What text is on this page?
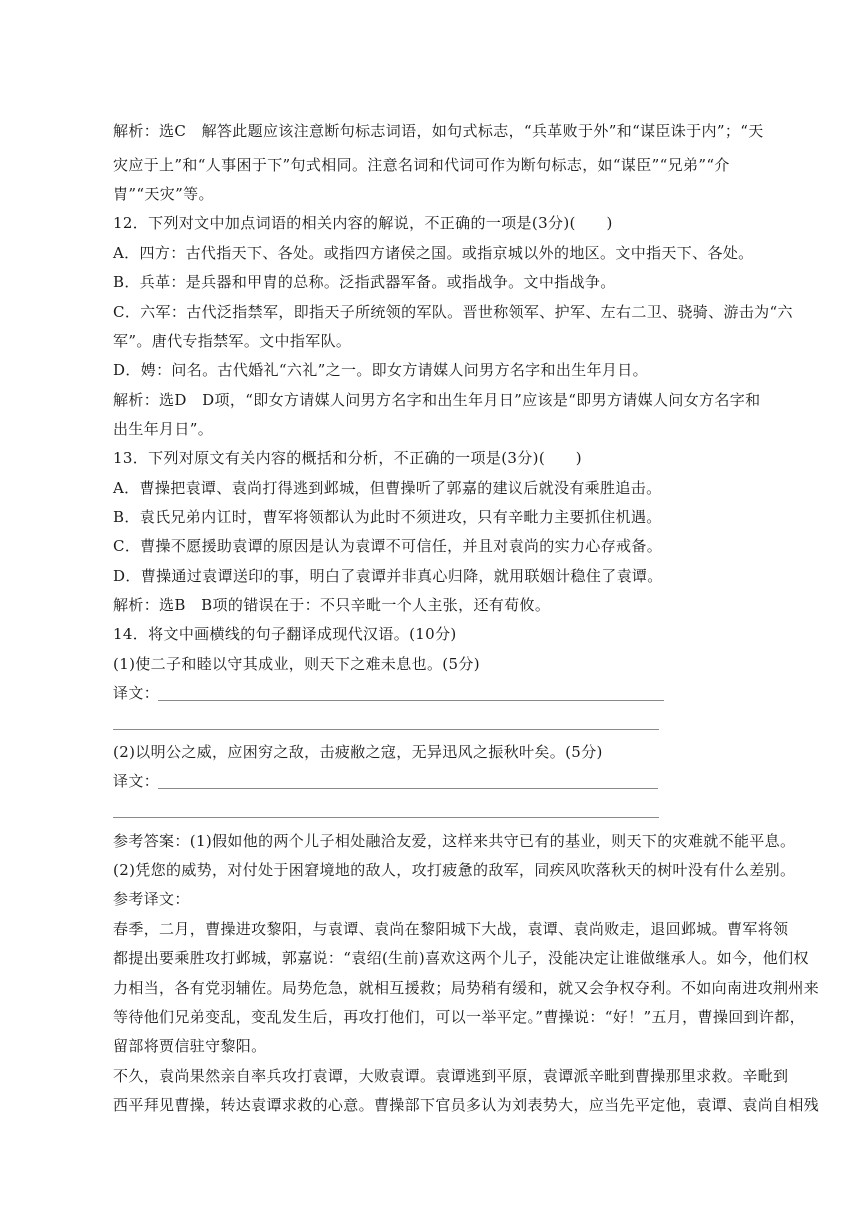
解析：选C　解答此题应该注意断句标志词语，如句式标志，“兵革败于外”和“谋臣诛于内”；“天
灾应于上”和“人事困于下”句式相同。注意名词和代词可作为断句标志，如“谋臣”“兄弟”“介
胄”“天灾”等。
12．下列对文中加点词语的相关内容的解说，不正确的一项是(3分)(　　)
A．四方：古代指天下、各处。或指四方诸侯之国。或指京城以外的地区。文中指天下、各处。
B．兵革：是兵器和甲胄的总称。泛指武器军备。或指战争。文中指战争。
C．六军：古代泛指禁军，即指天子所统领的军队。晋世称领军、护军、左右二卫、骁骑、游击为“六
军”。唐代专指禁军。文中指军队。
D．娉：问名。古代婚礼“六礼”之一。即女方请媒人问男方名字和出生年月日。
解析：选D　D项，“即女方请媒人问男方名字和出生年月日”应该是“即男方请媒人问女方名字和
出生年月日”。
13．下列对原文有关内容的概括和分析，不正确的一项是(3分)(　　)
A．曹操把袁谭、袁尚打得逃到邺城，但曹操听了郭嘉的建议后就没有乘胜追击。
B．袁氏兄弟内讧时，曹军将领都认为此时不须进攻，只有辛毗力主要抓住机遇。
C．曹操不愿援助袁谭的原因是认为袁谭不可信任，并且对袁尚的实力心存戒备。
D．曹操通过袁谭送印的事，明白了袁谭并非真心归降，就用联姻计稳住了袁谭。
解析：选B　B项的错误在于：不只辛毗一个人主张，还有荀攸。
14．将文中画横线的句子翻译成现代汉语。(10分)
(1)使二子和睦以守其成业，则天下之难未息也。(5分)
译文：
(2)以明公之威，应困穷之敌，击疲敝之寇，无异迅风之振秋叶矣。(5分)
译文：
参考答案：(1)假如他的两个儿子相处融洽友爱，这样来共守已有的基业，则天下的灾难就不能平息。
(2)凭您的威势，对付处于困窘境地的敌人，攻打疲惫的敌军，同疾风吹落秋天的树叶没有什么差别。
参考译文：
春季，二月，曹操进攻黎阳，与袁谭、袁尚在黎阳城下大战，袁谭、袁尚败走，退回邺城。曹军将领
都提出要乘胜攻打邺城，郭嘉说：“袁绍(生前)喜欢这两个儿子，没能决定让谁做继承人。如今，他们权
力相当，各有党羽辅佐。局势危急，就相互援救；局势稍有缓和，就又会争权夺利。不如向南进攻荆州来
等待他们兄弟变乱，变乱发生后，再攻打他们，可以一举平定。”曹操说：“好！”五月，曹操回到许都，
留部将贾信驻守黎阳。
不久，袁尚果然亲自率兵攻打袁谭，大败袁谭。袁谭逃到平原，袁谭派辛毗到曹操那里求救。辛毗到
西平拜见曹操，转达袁谭求救的心意。曹操部下官员多认为刘表势大，应当先平定他，袁谭、袁尚自相残
